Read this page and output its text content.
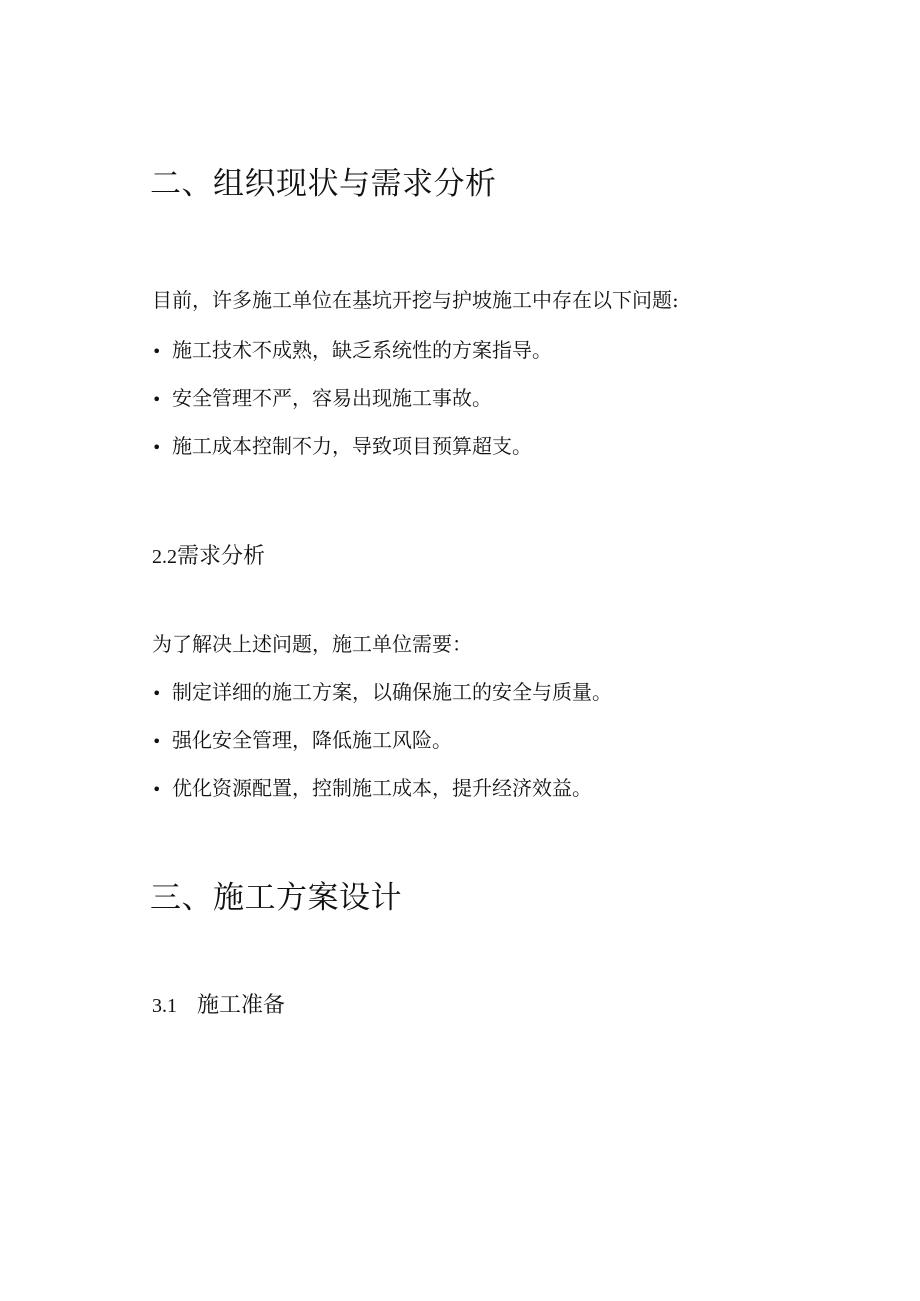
二、组织现状与需求分析
目前，许多施工单位在基坑开挖与护坡施工中存在以下问题:
• 施工技术不成熟，缺乏系统性的方案指导。
• 安全管理不严，容易出现施工事故。
• 施工成本控制不力，导致项目预算超支。
2.2需求分析
为了解决上述问题，施工单位需要：
• 制定详细的施工方案，以确保施工的安全与质量。
• 强化安全管理，降低施工风险。
• 优化资源配置，控制施工成本，提升经济效益。
三、施工方案设计
3.1 施工准备
